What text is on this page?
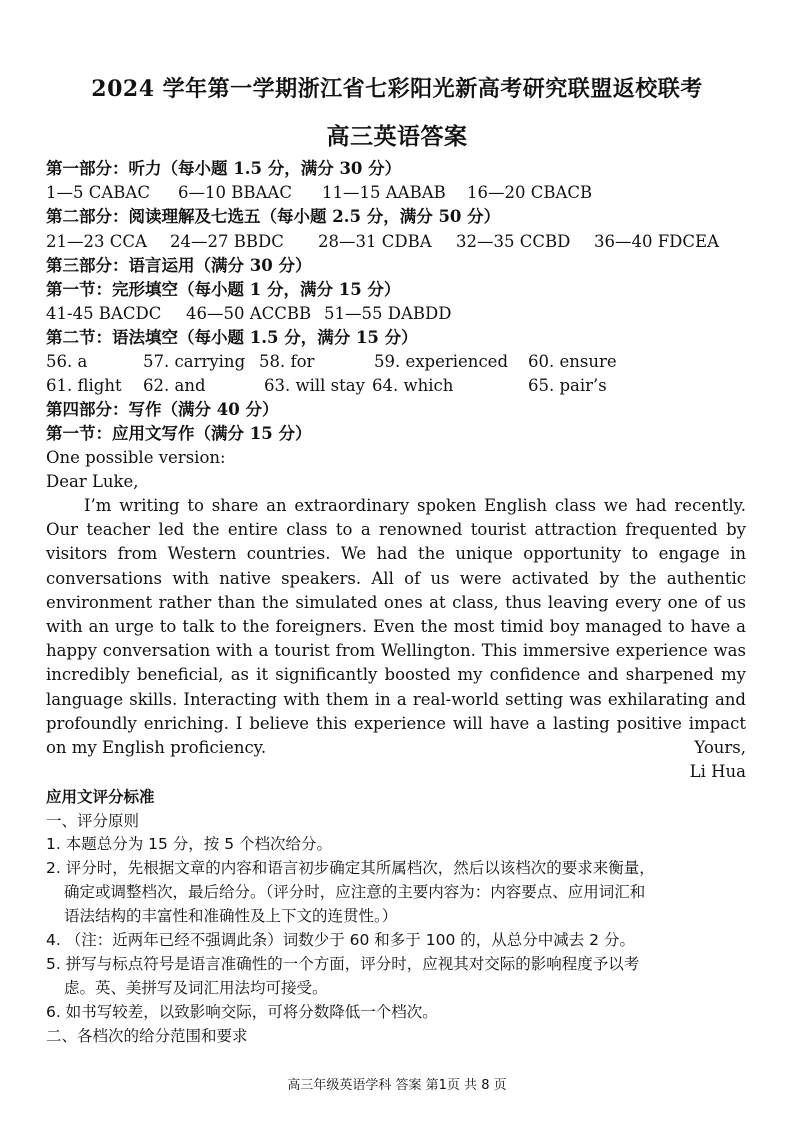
2024 学年第一学期浙江省七彩阳光新高考研究联盟返校联考
高三英语答案
第一部分：听力（每小题 1.5 分，满分 30 分）
1—5 CABAC 6—10 BBAAC 11—15 AABAB 16—20 CBACB
第二部分：阅读理解及七选五（每小题 2.5 分，满分 50 分）
21—23 CCA 24—27 BBDC 28—31 CDBA 32—35 CCBD 36—40 FDCEA
第三部分：语言运用（满分 30 分）
第一节：完形填空（每小题 1 分，满分 15 分）
41-45 BACDC 46—50 ACCBB 51—55 DABDD
第二节：语法填空（每小题 1.5 分，满分 15 分）
56. a	57. carrying 58. for	59. experienced 60. ensure
61. flight 62. and	63. will stay 64. which	65. pair’s
第四部分：写作（满分 40 分）
第一节：应用文写作（满分 15 分）
One possible version:
Dear Luke,

I’m writing to share an extraordinary spoken English class we had recently. Our teacher led the entire class to a renowned tourist attraction frequented by visitors from Western countries. We had the unique opportunity to engage in conversations with native speakers. All of us were activated by the authentic environment rather than the simulated ones at class, thus leaving every one of us with an urge to talk to the foreigners. Even the most timid boy managed to have a happy conversation with a tourist from Wellington. This immersive experience was incredibly beneficial, as it significantly boosted my confidence and sharpened my language skills. Interacting with them in a real-world setting was exhilarating and profoundly enriching. I believe this experience will have a lasting positive impact on my English proficiency.	Yours,
Li Hua
应用文评分标准
一、评分原则
1. 本题总分为 15 分，按 5 个档次给分。
2. 评分时，先根据文章的内容和语言初步确定其所属档次，然后以该档次的要求来衡量，
确定或调整档次，最后给分。（评分时，应注意的主要内容为：内容要点、应用词汇和
语法结构的丰富性和准确性及上下文的连贯性。）
4. （注：近两年已经不强调此条）词数少于 60 和多于 100 的，从总分中减去 2 分。
5. 拼写与标点符号是语言准确性的一个方面，评分时，应视其对交际的影响程度予以考
虑。英、美拼写及词汇用法均可接受。
6. 如书写较差，以致影响交际，可将分数降低一个档次。
二、各档次的给分范围和要求
高三年级英语学科 答案 第1页 共 8 页
